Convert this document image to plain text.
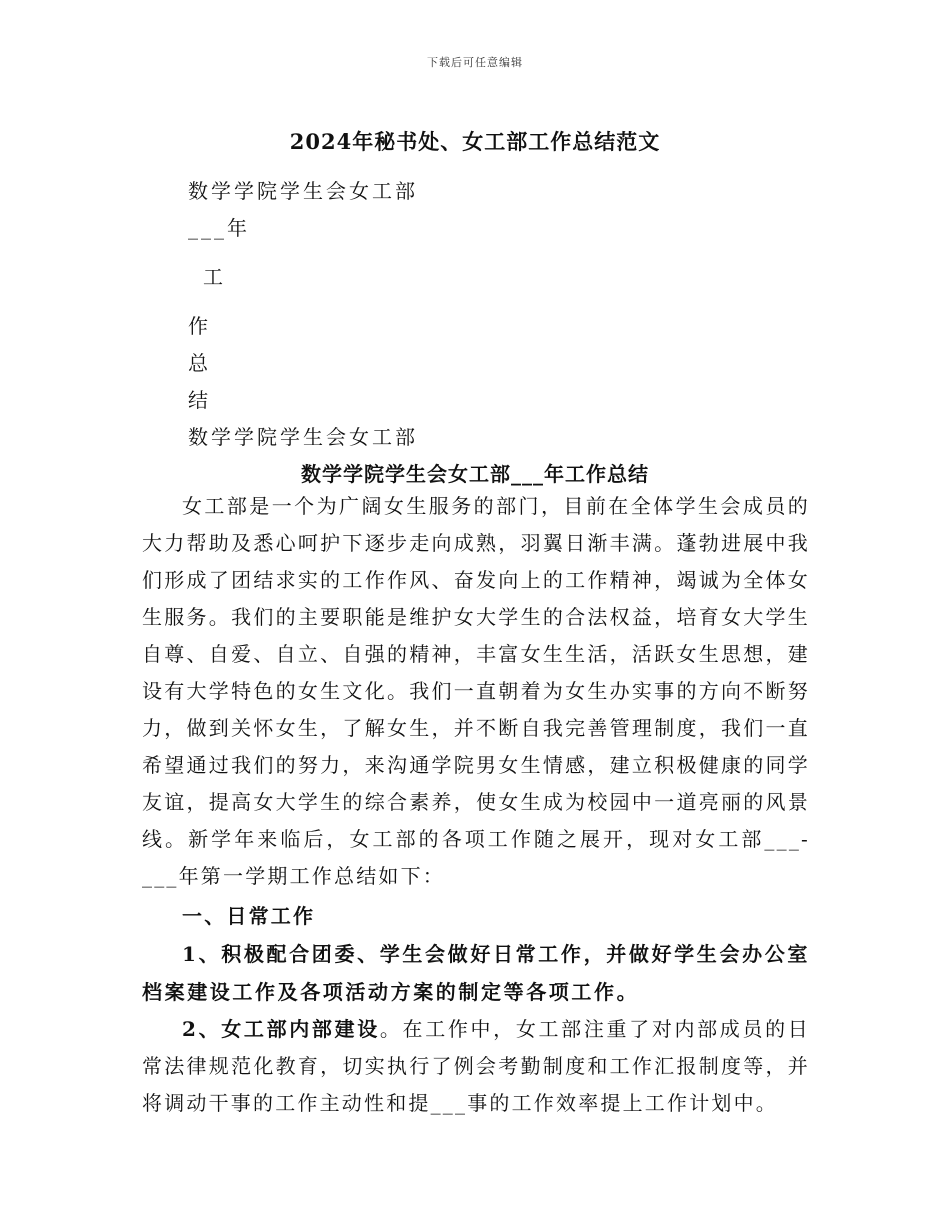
下载后可任意编辑
2024年秘书处、女工部工作总结范文
数学学院学生会女工部
___年
工
作
总
结
数学学院学生会女工部
数学学院学生会女工部___年工作总结

女工部是一个为广阔女生服务的部门，目前在全体学生会成员的大力帮助及悉心呵护下逐步走向成熟，羽翼日渐丰满。蓬勃进展中我们形成了团结求实的工作作风、奋发向上的工作精神，竭诚为全体女生服务。我们的主要职能是维护女大学生的合法权益，培育女大学生自尊、自爱、自立、自强的精神，丰富女生生活，活跃女生思想，建设有大学特色的女生文化。我们一直朝着为女生办实事的方向不断努力，做到关怀女生，了解女生，并不断自我完善管理制度，我们一直希望通过我们的努力，来沟通学院男女生情感，建立积极健康的同学友谊，提高女大学生的综合素养，使女生成为校园中一道亮丽的风景线。新学年来临后，女工部的各项工作随之展开，现对女工部___-___年第一学期工作总结如下：

一、日常工作

1、积极配合团委、学生会做好日常工作，并做好学生会办公室档案建设工作及各项活动方案的制定等各项工作。

2、女工部内部建设。在工作中，女工部注重了对内部成员的日常法律规范化教育，切实执行了例会考勤制度和工作汇报制度等，并将调动干事的工作主动性和提___事的工作效率提上工作计划中。
